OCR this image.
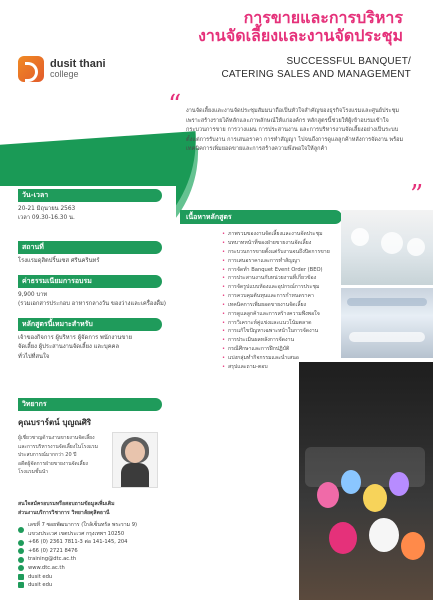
dusit thani
college
การขายและการบริหาร
งานจัดเลี้ยงและงานจัดประชุม
SUCCESSFUL BANQUET/
CATERING SALES AND MANAGEMENT
“
”
งานจัดเลี้ยงและงานจัดประชุมสัมมนาถือเป็นหัวใจสำคัญของธุรกิจโรงแรมและศูนย์ประชุม เพราะสร้างรายได้หลักและภาพลักษณ์ให้แก่องค์กร หลักสูตรนี้ช่วยให้ผู้เข้าอบรมเข้าใจกระบวนการขาย การวางแผน การประสานงาน และการบริหารงานจัดเลี้ยงอย่างเป็นระบบ ตั้งแต่การรับงาน การเสนอราคา การทำสัญญา ไปจนถึงการดูแลลูกค้าหลังการจัดงาน พร้อมเทคนิคการเพิ่มยอดขายและการสร้างความพึงพอใจให้ลูกค้า
วัน-เวลา
20-21 มิถุนายน 2563
เวลา 09.30-16.30 น.
สถานที่
โรงแรมดุสิตปริ้นเซส ศรีนครินทร์
ค่าธรรมเนียมการอบรม
9,900 บาท
(รวมเอกสารประกอบ อาหารกลางวัน ของว่างและเครื่องดื่ม)
หลักสูตรนี้เหมาะสำหรับ
เจ้าของกิจการ ผู้บริหาร ผู้จัดการ พนักงานขาย
จัดเลี้ยง ผู้ประสานงานจัดเลี้ยง และบุคคล
ทั่วไปที่สนใจ
เนื้อหาหลักสูตร
• ภาพรวมของงานจัดเลี้ยงและงานจัดประชุม
• บทบาทหน้าที่ของฝ่ายขายงานจัดเลี้ยง
• กระบวนการขายตั้งแต่รับงานจนถึงปิดการขาย
• การเสนอราคาและการทำสัญญา
• การจัดทำ Banquet Event Order (BEO)
• การประสานงานกับหน่วยงานที่เกี่ยวข้อง
• การจัดรูปแบบห้องและอุปกรณ์การประชุม
• การควบคุมต้นทุนและการกำหนดราคา
• เทคนิคการเพิ่มยอดขายงานจัดเลี้ยง
• การดูแลลูกค้าและการสร้างความพึงพอใจ
• การวิเคราะห์คู่แข่งและแนวโน้มตลาด
• การแก้ไขปัญหาเฉพาะหน้าในการจัดงาน
• การประเมินผลหลังการจัดงาน
• กรณีศึกษาและการฝึกปฏิบัติ
• แบ่งกลุ่มทำกิจกรรมและนำเสนอ
• สรุปและถาม-ตอบ
วิทยากร
คุณบราร์ตน์ บุญณศิริ
ผู้เชี่ยวชาญด้านงานขายงานจัดเลี้ยง
และการบริหารงานจัดเลี้ยงในโรงแรม
ประสบการณ์มากกว่า 20 ปี
อดีตผู้จัดการฝ่ายขายงานจัดเลี้ยง
โรงแรมชั้นนำ
สนใจสมัครอบรมหรือสอบถามข้อมูลเพิ่มเติม
ส่วนงานบริการวิชาการ วิทยาลัยดุสิตธานี
เลขที่ 7 ซอยพัฒนาการ (ใกล้เซ็นทรัล พระราม 9)
แขวงประเวศ เขตประเวศ กรุงเทพฯ 10250
+66 (0) 2361 7811-3 ต่อ 141-145, 204
+66 (0) 2721 8476
training@dtc.ac.th
www.dtc.ac.th
dusit edu
dusit edu
